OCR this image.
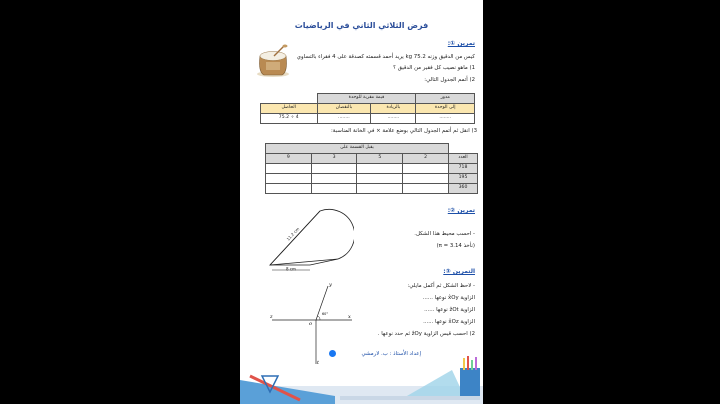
فرض الثلاثي الثاني في الرياضيات
تمرين ①:
كيس من الدقيق وزنه 75.2 kg يريد أحمد قسمته كصدقة على 4 فقراء بالتساوي
1) ماهو نصيب كل فقير من الدقيق ؟
2) أتمم الجدول التالي:
	قيمة مقربة للوحدة		مدور
الحاصل	بالنقصان	بالزيادة	إلى الوحدة
75.2 ÷ 4	........	........	........
3) انقل ثم أتمم الجدول التالي بوضع علامة × في الخانة المناسبة:
يقبل القسمة على				
9	3	5	2	العدد
				718
				195
				360
تمرين ②:
8 cm
11.2 cm	- احسب محيط هذا الشكل.
(نأخذ π = 3.14)
التمرين ③:
y
z
o
x
t
60°
- لاحظ الشكل ثم أكمل مايلي:
الزاوية x̂Oy نوعها ......
الزاوية ẑOt نوعها ......
الزاوية x̂Oz نوعها ......
2) احسب قيس الزاوية ẑOy ثم حدد نوعها .
إعداد الأستاذ : ب. لارمشي
